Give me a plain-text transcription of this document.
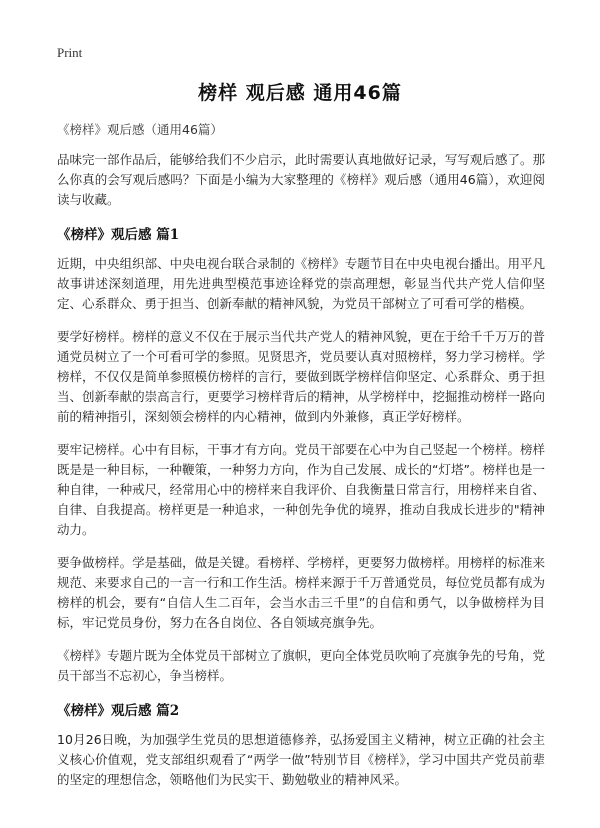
Print
榜样 观后感 通用46篇
《榜样》观后感（通用46篇）

品味完一部作品后，能够给我们不少启示，此时需要认真地做好记录，写写观后感了。那么你真的会写观后感吗？下面是小编为大家整理的《榜样》观后感（通用46篇），欢迎阅读与收藏。

《榜样》观后感 篇1

近期，中央组织部、中央电视台联合录制的《榜样》专题节目在中央电视台播出。用平凡故事讲述深刻道理，用先进典型模范事迹诠释党的崇高理想，彰显当代共产党人信仰坚定、心系群众、勇于担当、创新奉献的精神风貌，为党员干部树立了可看可学的楷模。

要学好榜样。榜样的意义不仅在于展示当代共产党人的精神风貌，更在于给千千万万的普通党员树立了一个可看可学的参照。见贤思齐，党员要认真对照榜样，努力学习榜样。学榜样，不仅仅是简单参照模仿榜样的言行，要做到既学榜样信仰坚定、心系群众、勇于担当、创新奉献的崇高言行，更要学习榜样背后的精神，从学榜样中，挖掘推动榜样一路向前的精神指引，深刻领会榜样的内心精神，做到内外兼修，真正学好榜样。

要牢记榜样。心中有目标，干事才有方向。党员干部要在心中为自己竖起一个榜样。榜样既是是一种目标，一种鞭策，一种努力方向，作为自己发展、成长的“灯塔”。榜样也是一种自律，一种戒尺，经常用心中的榜样来自我评价、自我衡量日常言行，用榜样来自省、自律、自我提高。榜样更是一种追求，一种创先争优的境界，推动自我成长进步的"精神动力。

要争做榜样。学是基础，做是关键。看榜样、学榜样，更要努力做榜样。用榜样的标准来规范、来要求自己的一言一行和工作生活。榜样来源于千万普通党员，每位党员都有成为榜样的机会，要有“自信人生二百年，会当水击三千里”的自信和勇气，以争做榜样为目标，牢记党员身份，努力在各自岗位、各自领域亮旗争先。

《榜样》专题片既为全体党员干部树立了旗帜，更向全体党员吹响了亮旗争先的号角，党员干部当不忘初心，争当榜样。

《榜样》观后感 篇2

10月26日晚，为加强学生党员的思想道德修养，弘扬爱国主义精神，树立正确的社会主义核心价值观，党支部组织观看了“两学一做”特别节目《榜样》，学习中国共产党员前辈的坚定的理想信念，领略他们为民实干、勤勉敬业的精神风采。
